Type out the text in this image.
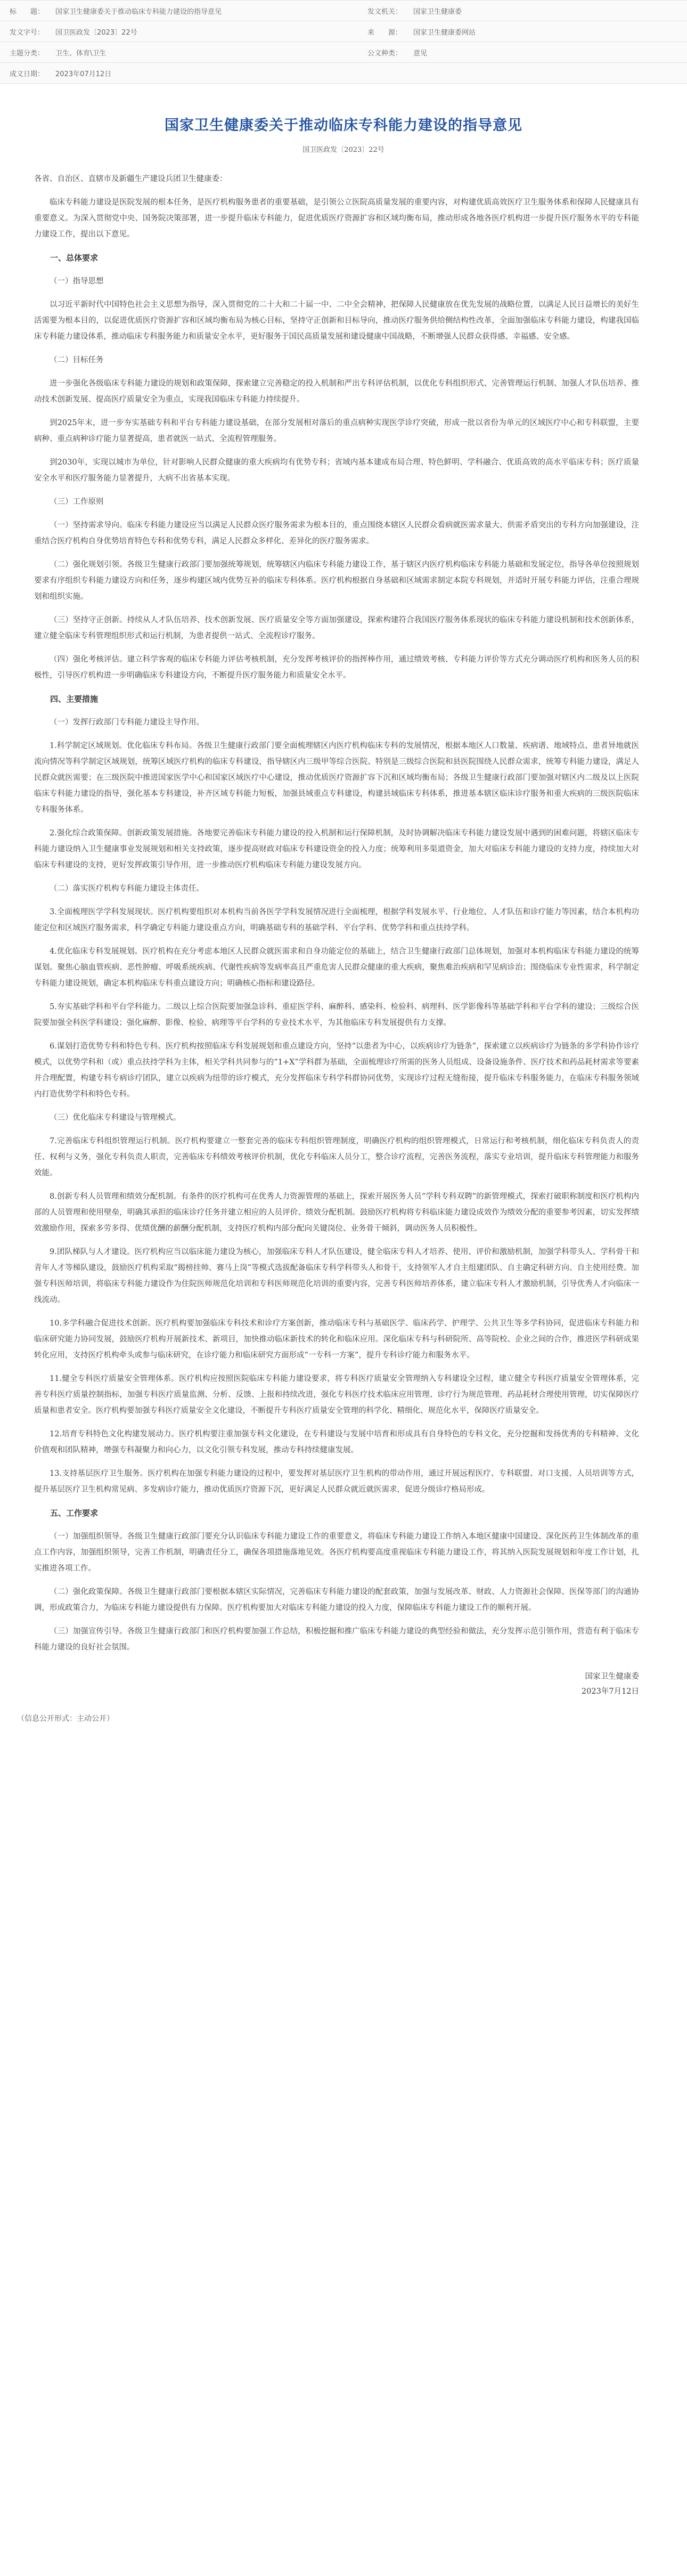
标　　题：	国家卫生健康委关于推动临床专科能力建设的指导意见	发文机关：	国家卫生健康委
发文字号：	国卫医政发〔2023〕22号	来　　源：	国家卫生健康委网站
主题分类：	卫生、体育\卫生	公文种类：	意见
成文日期：	2023年07月12日
国家卫生健康委关于推动临床专科能力建设的指导意见
国卫医政发〔2023〕22号

各省、自治区、直辖市及新疆生产建设兵团卫生健康委：

临床专科能力建设是医院发展的根本任务，是医疗机构服务患者的重要基础，是引领公立医院高质量发展的重要内容，对构建优质高效医疗卫生服务体系和保障人民健康具有重要意义。为深入贯彻党中央、国务院决策部署，进一步提升临床专科能力，促进优质医疗资源扩容和区域均衡布局，推动形成各地各医疗机构进一步提升医疗服务水平的专科能力建设工作，提出以下意见。

一、总体要求

（一）指导思想

以习近平新时代中国特色社会主义思想为指导，深入贯彻党的二十大和二十届一中、二中全会精神，把保障人民健康放在优先发展的战略位置，以满足人民日益增长的美好生活需要为根本目的，以促进优质医疗资源扩容和区域均衡布局为核心目标，坚持守正创新和目标导向，推动医疗服务供给侧结构性改革，全面加强临床专科能力建设，构建我国临床专科能力建设体系，推动临床专科服务能力和质量安全水平，更好服务于国民高质量发展和建设健康中国战略，不断增强人民群众获得感、幸福感、安全感。

（二）目标任务

进一步强化各级临床专科能力建设的规划和政策保障，探索建立完善稳定的投入机制和严出专科评估机制，以优化专科组织形式、完善管理运行机制、加强人才队伍培养、推动技术创新发展、提高医疗质量安全为重点，实现我国临床专科能力持续提升。

到2025年末，进一步夯实基础专科和平台专科能力建设基础，在部分发展相对落后的重点病种实现医学诊疗突破，形成一批以省份为单元的区域医疗中心和专科联盟，主要病种、重点病种诊疗能力显著提高，患者就医一站式、全流程管理服务。

到2030年，实现以城市为单位，针对影响人民群众健康的重大疾病均有优势专科；省域内基本建成布局合理、特色鲜明、学科融合、优质高效的高水平临床专科；医疗质量安全水平和医疗服务能力显著提升，大病不出省基本实现。

（三）工作原则

（一）坚持需求导向。临床专科能力建设应当以满足人民群众医疗服务需求为根本目的，重点围绕本辖区人民群众看病就医需求量大、供需矛盾突出的专科方向加强建设，注重结合医疗机构自身优势培育特色专科和优势专科，满足人民群众多样化、差异化的医疗服务需求。

（二）强化规划引领。各级卫生健康行政部门要加强统筹规划，统筹辖区内临床专科能力建设工作，基于辖区内医疗机构临床专科能力基础和发展定位，指导各单位按照规划要求有序组织专科能力建设方向和任务，逐步构建区域内优势互补的临床专科体系。医疗机构根据自身基础和区域需求制定本院专科规划，并适时开展专科能力评估，注重合理规划和组织实施。

（三）坚持守正创新。持续从人才队伍培养、技术创新发展、医疗质量安全等方面加强建设，探索构建符合我国医疗服务体系现状的临床专科能力建设机制和技术创新体系，建立健全临床专科管理组织形式和运行机制，为患者提供一站式、全流程诊疗服务。

（四）强化考核评估。建立科学客观的临床专科能力评估考核机制，充分发挥考核评价的指挥棒作用，通过绩效考核、专科能力评价等方式充分调动医疗机构和医务人员的积极性，引导医疗机构进一步明确临床专科建设方向，不断提升医疗服务能力和质量安全水平。

四、主要措施

（一）发挥行政部门专科能力建设主导作用。

1.科学制定区域规划。优化临床专科布局。各级卫生健康行政部门要全面梳理辖区内医疗机构临床专科的发展情况，根据本地区人口数量、疾病谱、地域特点、患者异地就医流向情况等科学制定区域规划，统筹区域医疗机构的临床专科建设，指导辖区内三级甲等综合医院、特别是三级综合医院和县医院围绕人民群众需求，统筹专科能力建设，满足人民群众就医需要；在三级医院中推进国家医学中心和国家区域医疗中心建设，推动优质医疗资源扩容下沉和区域均衡布局；各级卫生健康行政部门要加强对辖区内二级及以上医院临床专科能力建设的指导，强化基本专科建设，补齐区域专科能力短板，加强县域重点专科建设，构建县域临床专科体系，推进基本辖区临床诊疗服务和重大疾病的三级医院临床专科服务体系。

2.强化综合政策保障。创新政策发展措施。各地要完善临床专科能力建设的投入机制和运行保障机制，及时协调解决临床专科能力建设发展中遇到的困难问题，将辖区临床专科能力建设纳入卫生健康事业发展规划和相关支持政策，逐步提高财政对临床专科建设资金的投入力度；统筹利用多渠道资金，加大对临床专科能力建设的支持力度，持续加大对临床专科建设的支持，更好发挥政策引导作用，进一步推动医疗机构临床专科能力建设发展方向。

（二）落实医疗机构专科能力建设主体责任。

3.全面梳理医学学科发展现状。医疗机构要组织对本机构当前各医学学科发展情况进行全面梳理，根据学科发展水平、行业地位、人才队伍和诊疗能力等因素，结合本机构功能定位和区域医疗服务需求，科学确定专科能力建设重点方向，明确基础专科的基础学科、平台学科、优势学科和重点扶持学科。

4.优化临床专科发展规划。医疗机构在充分考虑本地区人民群众就医需求和自身功能定位的基础上，结合卫生健康行政部门总体规划，加强对本机构临床专科能力建设的统筹谋划。聚焦心脑血管疾病、恶性肿瘤、呼吸系统疾病、代谢性疾病等发病率高且严重危害人民群众健康的重大疾病，聚焦难治疾病和罕见病诊治；围绕临床专业性需求，科学制定专科能力建设规划，确定本机构临床专科重点建设方向；明确核心指标和建设路径。

5.夯实基础学科和平台学科能力。二级以上综合医院要加强急诊科、重症医学科、麻醉科、感染科、检验科、病理科、医学影像科等基础学科和平台学科的建设；三级综合医院要加强全科医学科建设；强化麻醉、影像、检验、病理等平台学科的专业技术水平，为其他临床专科发展提供有力支撑。

6.谋划打造优势专科和特色专科。医疗机构按照临床专科发展规划和重点建设方向，坚持“以患者为中心，以疾病诊疗为链条”，探索建立以疾病诊疗为链条的多学科协作诊疗模式，以优势学科和（或）重点扶持学科为主体，相关学科共同参与的“1+X”学科群为基础，全面梳理诊疗所需的医务人员组成、设备设施条件、医疗技术和药品耗材需求等要素并合理配置，构建专科专病诊疗团队，建立以疾病为纽带的诊疗模式，充分发挥临床专科学科群协同优势，实现诊疗过程无缝衔接，提升临床专科服务能力，在临床专科服务领域内打造优势学科和特色专科。

（三）优化临床专科建设与管理模式。

7.完善临床专科组织管理运行机制。医疗机构要建立一整套完善的临床专科组织管理制度，明确医疗机构的组织管理模式，日常运行和考核机制，细化临床专科负责人的责任、权利与义务，强化专科负责人职责，完善临床专科绩效考核评价机制，优化专科临床人员分工，整合诊疗流程，完善医务流程，落实专业培训，提升临床专科管理能力和服务效能。

8.创新专科人员管理和绩效分配机制。有条件的医疗机构可在优秀人力资源管理的基础上，探索开展医务人员“学科专科双聘”的新管理模式，探索打破职称制度和医疗机构内部的人员管理和使用壁垒，明确其承担的临床诊疗任务并建立相应的人员评价、绩效分配机制。鼓励医疗机构将专科临床能力建设成效作为绩效分配的重要参考因素，切实发挥绩效激励作用，探索多劳多得、优绩优酬的薪酬分配机制，支持医疗机构内部分配向关键岗位、业务骨干倾斜，调动医务人员积极性。

9.团队梯队与人才建设。医疗机构应当以临床能力建设为核心，加强临床专科人才队伍建设，健全临床专科人才培养、使用、评价和激励机制，加强学科带头人、学科骨干和青年人才等梯队建设，鼓励医疗机构采取“揭榜挂帅、赛马上岗”等模式选拔配备临床专科学科带头人和骨干，支持领军人才自主组建团队、自主确定科研方向、自主使用经费。加强专科医师培训，将临床专科能力建设作为住院医师规范化培训和专科医师规范化培训的重要内容，完善专科医师培养体系，建立临床专科人才激励机制，引导优秀人才向临床一线流动。

10.多学科融合促进技术创新。医疗机构要加强临床专科技术和诊疗方案创新，推动临床专科与基础医学、临床药学、护理学、公共卫生等多学科协同，促进临床专科能力和临床研究能力协同发展，鼓励医疗机构开展新技术、新项目，加快推动临床新技术的转化和临床应用。深化临床专科与科研院所、高等院校、企业之间的合作，推进医学科研成果转化应用，支持医疗机构牵头或参与临床研究，在诊疗能力和临床研究方面形成“一专科一方案”，提升专科诊疗能力和服务水平。

11.健全专科医疗质量安全管理体系。医疗机构应按照医院临床专科能力建设要求，将专科医疗质量安全管理纳入专科建设全过程，建立健全专科医疗质量安全管理体系，完善专科医疗质量控制指标，加强专科医疗质量监测、分析、反馈、上报和持续改进，强化专科医疗技术临床应用管理、诊疗行为规范管理、药品耗材合理使用管理，切实保障医疗质量和患者安全。医疗机构要加强专科医疗质量安全文化建设，不断提升专科医疗质量安全管理的科学化、精细化、规范化水平，保障医疗质量安全。

12.培育专科特色文化构建发展动力。医疗机构要注重加强专科文化建设，在专科建设与发展中培育和形成具有自身特色的专科文化，充分挖掘和发扬优秀的专科精神、文化价值观和团队精神，增强专科凝聚力和向心力，以文化引领专科发展，推动专科持续健康发展。

13.支持基层医疗卫生服务。医疗机构在加强专科能力建设的过程中，要发挥对基层医疗卫生机构的带动作用，通过开展远程医疗、专科联盟、对口支援、人员培训等方式，提升基层医疗卫生机构常见病、多发病诊疗能力，推动优质医疗资源下沉，更好满足人民群众就近就医需求，促进分级诊疗格局形成。

五、工作要求

（一）加强组织领导。各级卫生健康行政部门要充分认识临床专科能力建设工作的重要意义，将临床专科能力建设工作纳入本地区健康中国建设、深化医药卫生体制改革的重点工作内容，加强组织领导，完善工作机制，明确责任分工，确保各项措施落地见效。各医疗机构要高度重视临床专科能力建设工作，将其纳入医院发展规划和年度工作计划，扎实推进各项工作。

（二）强化政策保障。各级卫生健康行政部门要根据本辖区实际情况，完善临床专科能力建设的配套政策，加强与发展改革、财政、人力资源社会保障、医保等部门的沟通协调，形成政策合力，为临床专科能力建设提供有力保障。医疗机构要加大对临床专科能力建设的投入力度，保障临床专科能力建设工作的顺利开展。

（三）加强宣传引导。各级卫生健康行政部门和医疗机构要加强工作总结，积极挖掘和推广临床专科能力建设的典型经验和做法，充分发挥示范引领作用，营造有利于临床专科能力建设的良好社会氛围。

国家卫生健康委
2023年7月12日
（信息公开形式：主动公开）
